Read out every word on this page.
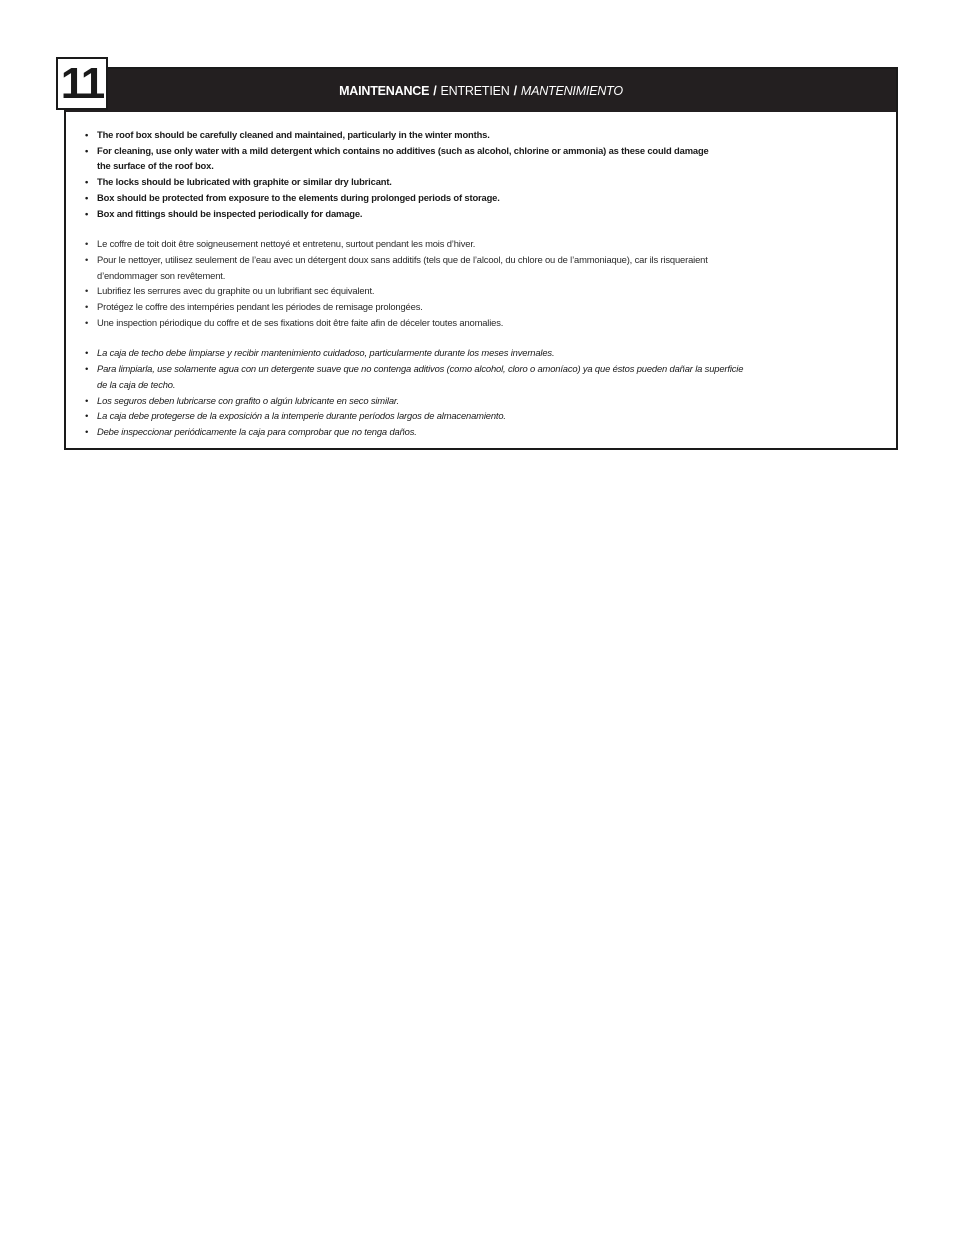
11	MAINTENANCE / ENTRETIEN / MANTENIMIENTO
• The roof box should be carefully cleaned and maintained, particularly in the winter months.
• For cleaning, use only water with a mild detergent which contains no additives (such as alcohol, chlorine or ammonia) as these could damage
the surface of the roof box.
• The locks should be lubricated with graphite or similar dry lubricant.
• Box should be protected from exposure to the elements during prolonged periods of storage.
• Box and fittings should be inspected periodically for damage.
• Le coffre de toit doit être soigneusement nettoyé et entretenu, surtout pendant les mois d’hiver.
• Pour le nettoyer, utilisez seulement de l’eau avec un détergent doux sans additifs (tels que de l’alcool, du chlore ou de l’ammoniaque), car ils risqueraient
d’endommager son revêtement.
• Lubrifiez les serrures avec du graphite ou un lubrifiant sec équivalent.
• Protégez le coffre des intempéries pendant les périodes de remisage prolongées.
• Une inspection périodique du coffre et de ses fixations doit être faite afin de déceler toutes anomalies.
• La caja de techo debe limpiarse y recibir mantenimiento cuidadoso, particularmente durante los meses invernales.
• Para limpiarla, use solamente agua con un detergente suave que no contenga aditivos (como alcohol, cloro o amoníaco) ya que éstos pueden dañar la superficie
de la caja de techo.
• Los seguros deben lubricarse con grafito o algún lubricante en seco similar.
• La caja debe protegerse de la exposición a la intemperie durante períodos largos de almacenamiento.
• Debe inspeccionar periódicamente la caja para comprobar que no tenga daños.
